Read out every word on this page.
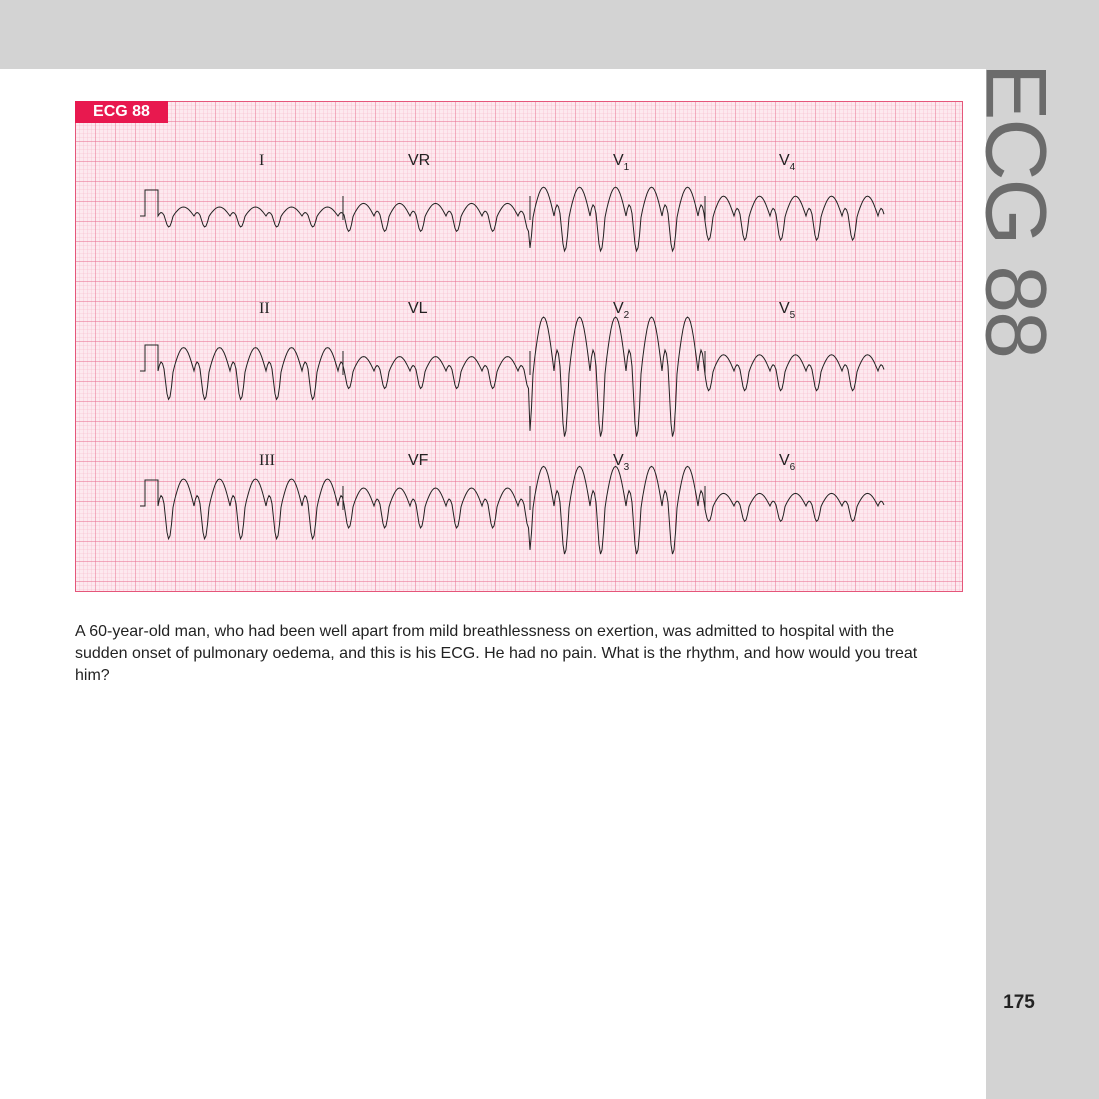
ECG 88
I	VR	$V_1$	$V_4$
II	VL	$V_2$	$V_5$
III	VF	$V_3$	$V_6$
ECG 88
A 60-year-old man, who had been well apart from mild breathlessness on exertion, was admitted to hospital with the sudden onset of pulmonary oedema, and this is his ECG. He had no pain. What is the rhythm, and how would you treat him?
175
